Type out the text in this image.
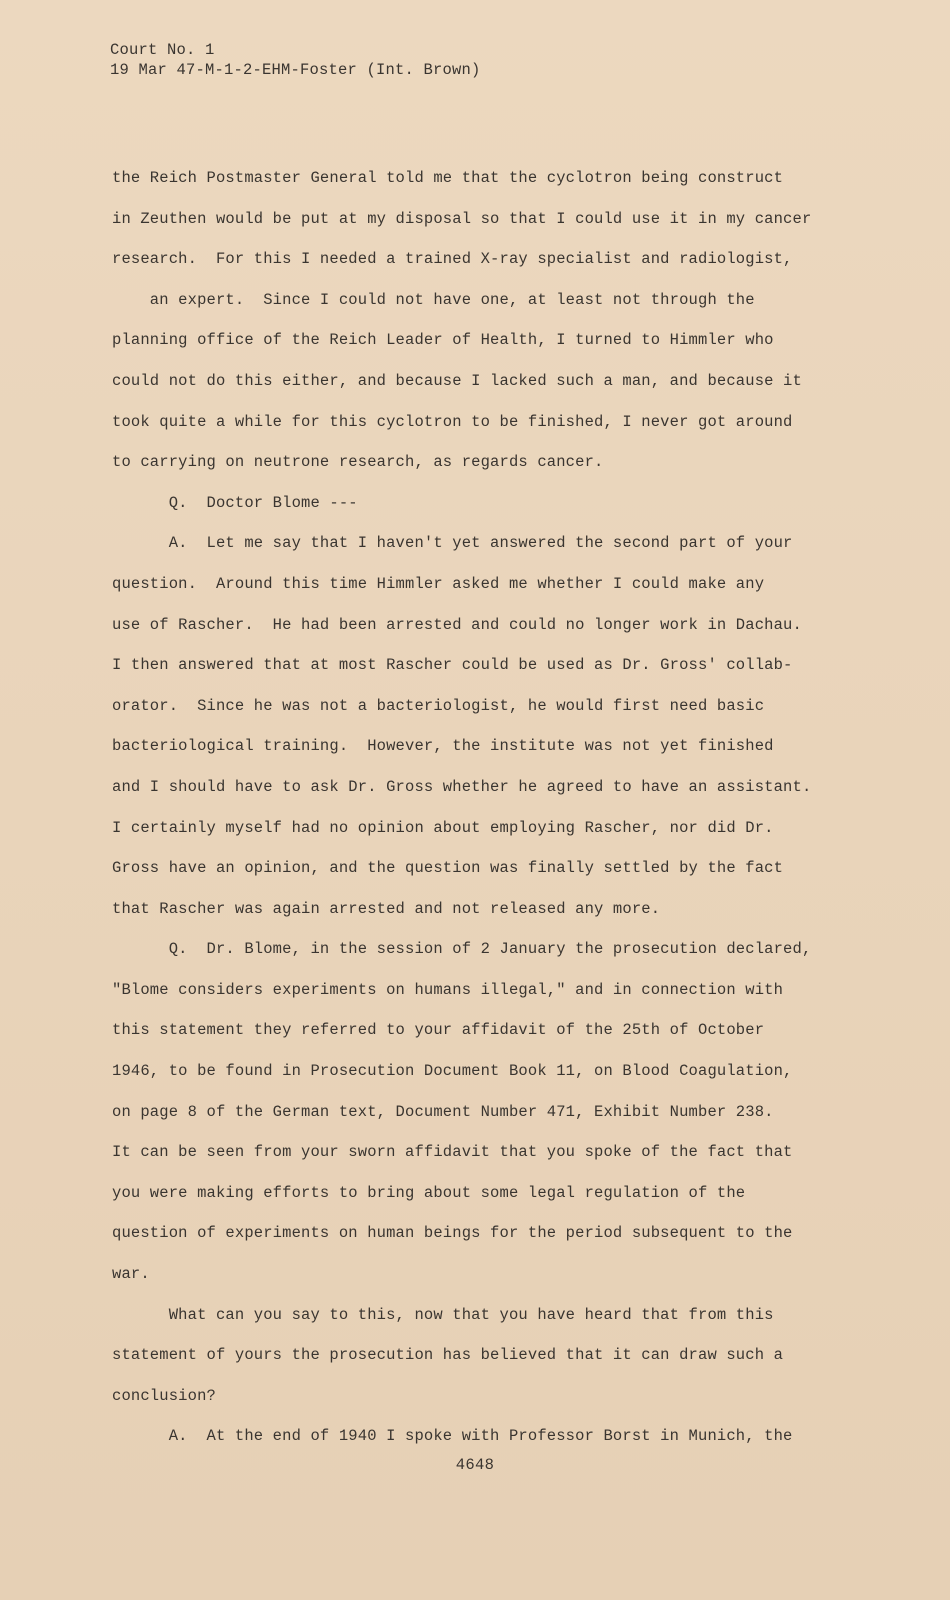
Court No. 1
19 Mar 47-M-1-2-EHM-Foster (Int. Brown)
the Reich Postmaster General told me that the cyclotron being construct
in Zeuthen would be put at my disposal so that I could use it in my cancer
research.  For this I needed a trained X-ray specialist and radiologist,
an expert.  Since I could not have one, at least not through the
planning office of the Reich Leader of Health, I turned to Himmler who
could not do this either, and because I lacked such a man, and because it
took quite a while for this cyclotron to be finished, I never got around
to carrying on neutrone research, as regards cancer.
Q.  Doctor Blome ---
A.  Let me say that I haven't yet answered the second part of your
question.  Around this time Himmler asked me whether I could make any
use of Rascher.  He had been arrested and could no longer work in Dachau.
I then answered that at most Rascher could be used as Dr. Gross' collab-
orator.  Since he was not a bacteriologist, he would first need basic
bacteriological training.  However, the institute was not yet finished
and I should have to ask Dr. Gross whether he agreed to have an assistant.
I certainly myself had no opinion about employing Rascher, nor did Dr.
Gross have an opinion, and the question was finally settled by the fact
that Rascher was again arrested and not released any more.
Q.  Dr. Blome, in the session of 2 January the prosecution declared,
"Blome considers experiments on humans illegal," and in connection with
this statement they referred to your affidavit of the 25th of October
1946, to be found in Prosecution Document Book 11, on Blood Coagulation,
on page 8 of the German text, Document Number 471, Exhibit Number 238.
It can be seen from your sworn affidavit that you spoke of the fact that
you were making efforts to bring about some legal regulation of the
question of experiments on human beings for the period subsequent to the
war.
What can you say to this, now that you have heard that from this
statement of yours the prosecution has believed that it can draw such a
conclusion?
A.  At the end of 1940 I spoke with Professor Borst in Munich, the
4648
